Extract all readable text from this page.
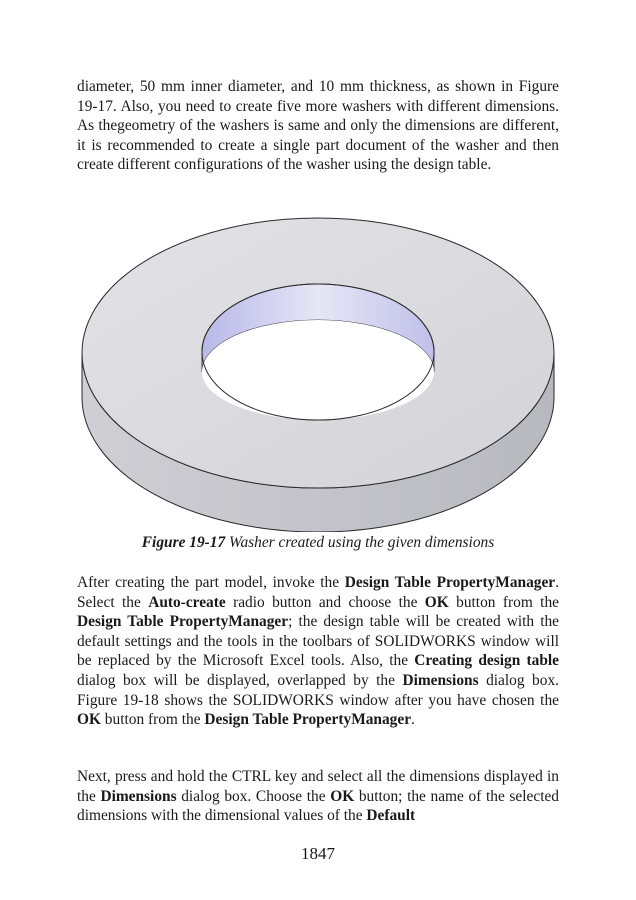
diameter, 50 mm inner diameter, and 10 mm thickness, as shown in Figure 19-17. Also, you need to create five more washers with different dimensions. As thegeometry of the washers is same and only the dimensions are different, it is recommended to create a single part document of the washer and then create different configurations of the washer using the design table.

Figure 19-17 Washer created using the given dimensions

After creating the part model, invoke the Design Table PropertyManager. Select the Auto-create radio button and choose the OK button from the Design Table PropertyManager; the design table will be created with the default settings and the tools in the toolbars of SOLIDWORKS window will be replaced by the Microsoft Excel tools. Also, the Creating design table dialog box will be displayed, overlapped by the Dimensions dialog box. Figure 19-18 shows the SOLIDWORKS window after you have chosen the OK button from the Design Table PropertyManager.

Next, press and hold the CTRL key and select all the dimensions displayed in the Dimensions dialog box. Choose the OK button; the name of the selected dimensions with the dimensional values of the Default

1847
